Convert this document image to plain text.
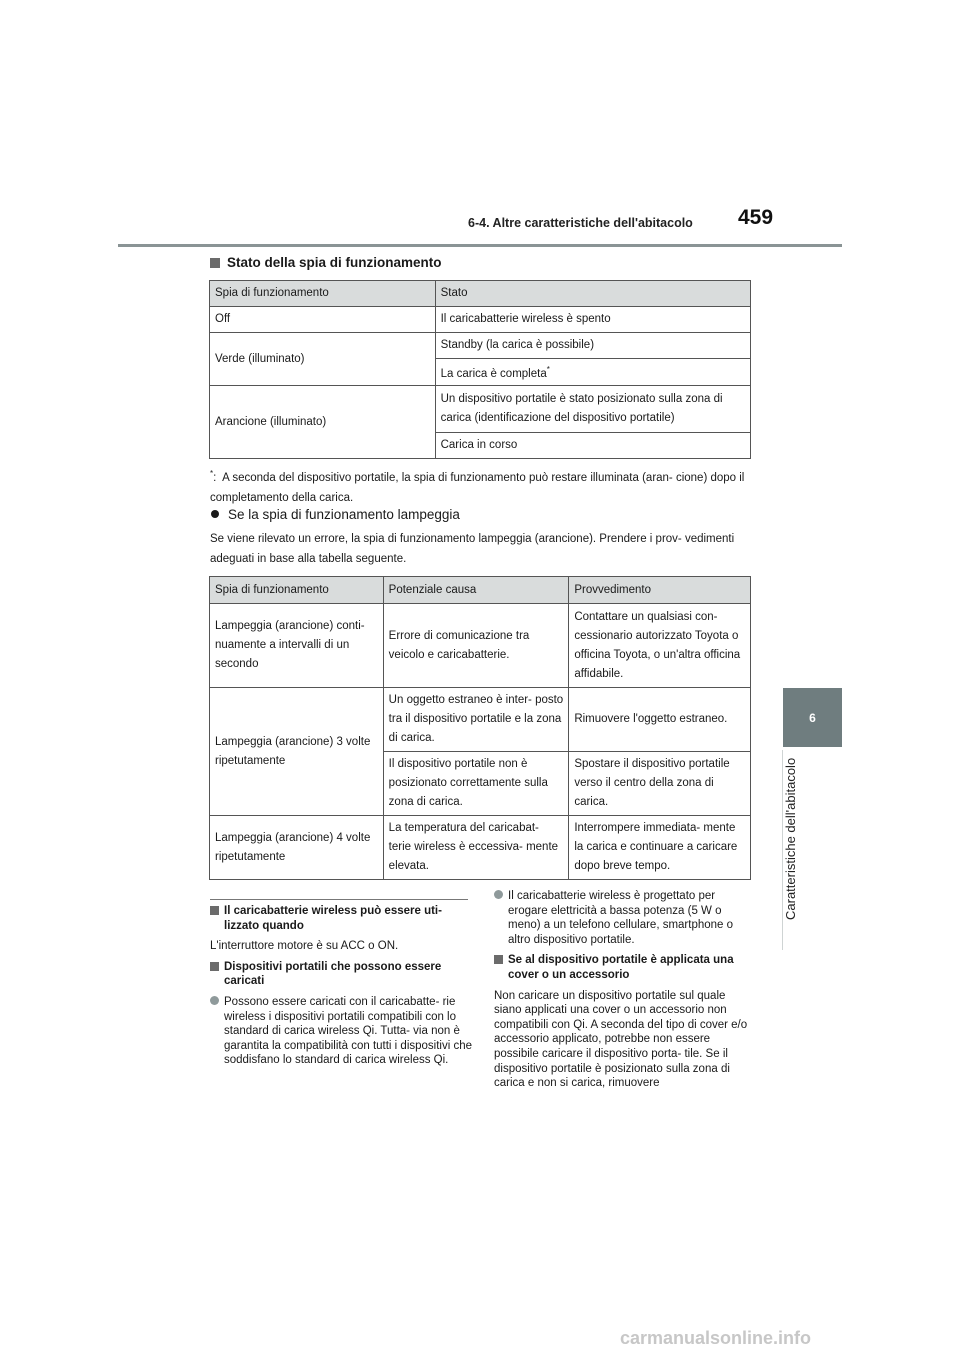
6-4. Altre caratteristiche dell'abitacolo 459
6
Caratteristiche dell'abitacolo
Stato della spia di funzionamento
Spia di funzionamento	Stato
Off	Il caricabatterie wireless è spento
Verde (illuminato)	Standby (la carica è possibile)
	La carica è completa*
Arancione (illuminato)	Un dispositivo portatile è stato posizionato sulla zona di carica (identificazione del dispositivo portatile)
	Carica in corso
*: A seconda del dispositivo portatile, la spia di funzionamento può restare illuminata (aran- cione) dopo il completamento della carica.
Se la spia di funzionamento lampeggia
Se viene rilevato un errore, la spia di funzionamento lampeggia (arancione). Prendere i prov- vedimenti adeguati in base alla tabella seguente.
Spia di funzionamento	Potenziale causa	Provvedimento
Lampeggia (arancione) conti- nuamente a intervalli di un secondo	Errore di comunicazione tra veicolo e caricabatterie.	Contattare un qualsiasi con- cessionario autorizzato Toyota o officina Toyota, o un'altra officina affidabile.
Lampeggia (arancione) 3 volte ripetutamente	Un oggetto estraneo è inter- posto tra il dispositivo portatile e la zona di carica.	Rimuovere l'oggetto estraneo.
	Il dispositivo portatile non è posizionato correttamente sulla zona di carica.	Spostare il dispositivo portatile verso il centro della zona di carica.
Lampeggia (arancione) 4 volte ripetutamente	La temperatura del caricabat- terie wireless è eccessiva- mente elevata.	Interrompere immediata- mente la carica e continuare a caricare dopo breve tempo.
Il caricabatterie wireless può essere uti- lizzato quando

L'interruttore motore è su ACC o ON.

Dispositivi portatili che possono essere caricati
Possono essere caricati con il caricabatte- rie wireless i dispositivi portatili compatibili con lo standard di carica wireless Qi. Tutta- via non è garantita la compatibilità con tutti i dispositivi che soddisfano lo standard di carica wireless Qi.
Il caricabatterie wireless è progettato per erogare elettricità a bassa potenza (5 W o meno) a un telefono cellulare, smartphone o altro dispositivo portatile.
Se al dispositivo portatile è applicata una cover o un accessorio

Non caricare un dispositivo portatile sul quale siano applicati una cover o un accessorio non compatibili con Qi. A seconda del tipo di cover e/o accessorio applicato, potrebbe non essere possibile caricare il dispositivo porta- tile. Se il dispositivo portatile è posizionato sulla zona di carica e non si carica, rimuovere

carmanualsonline.info
